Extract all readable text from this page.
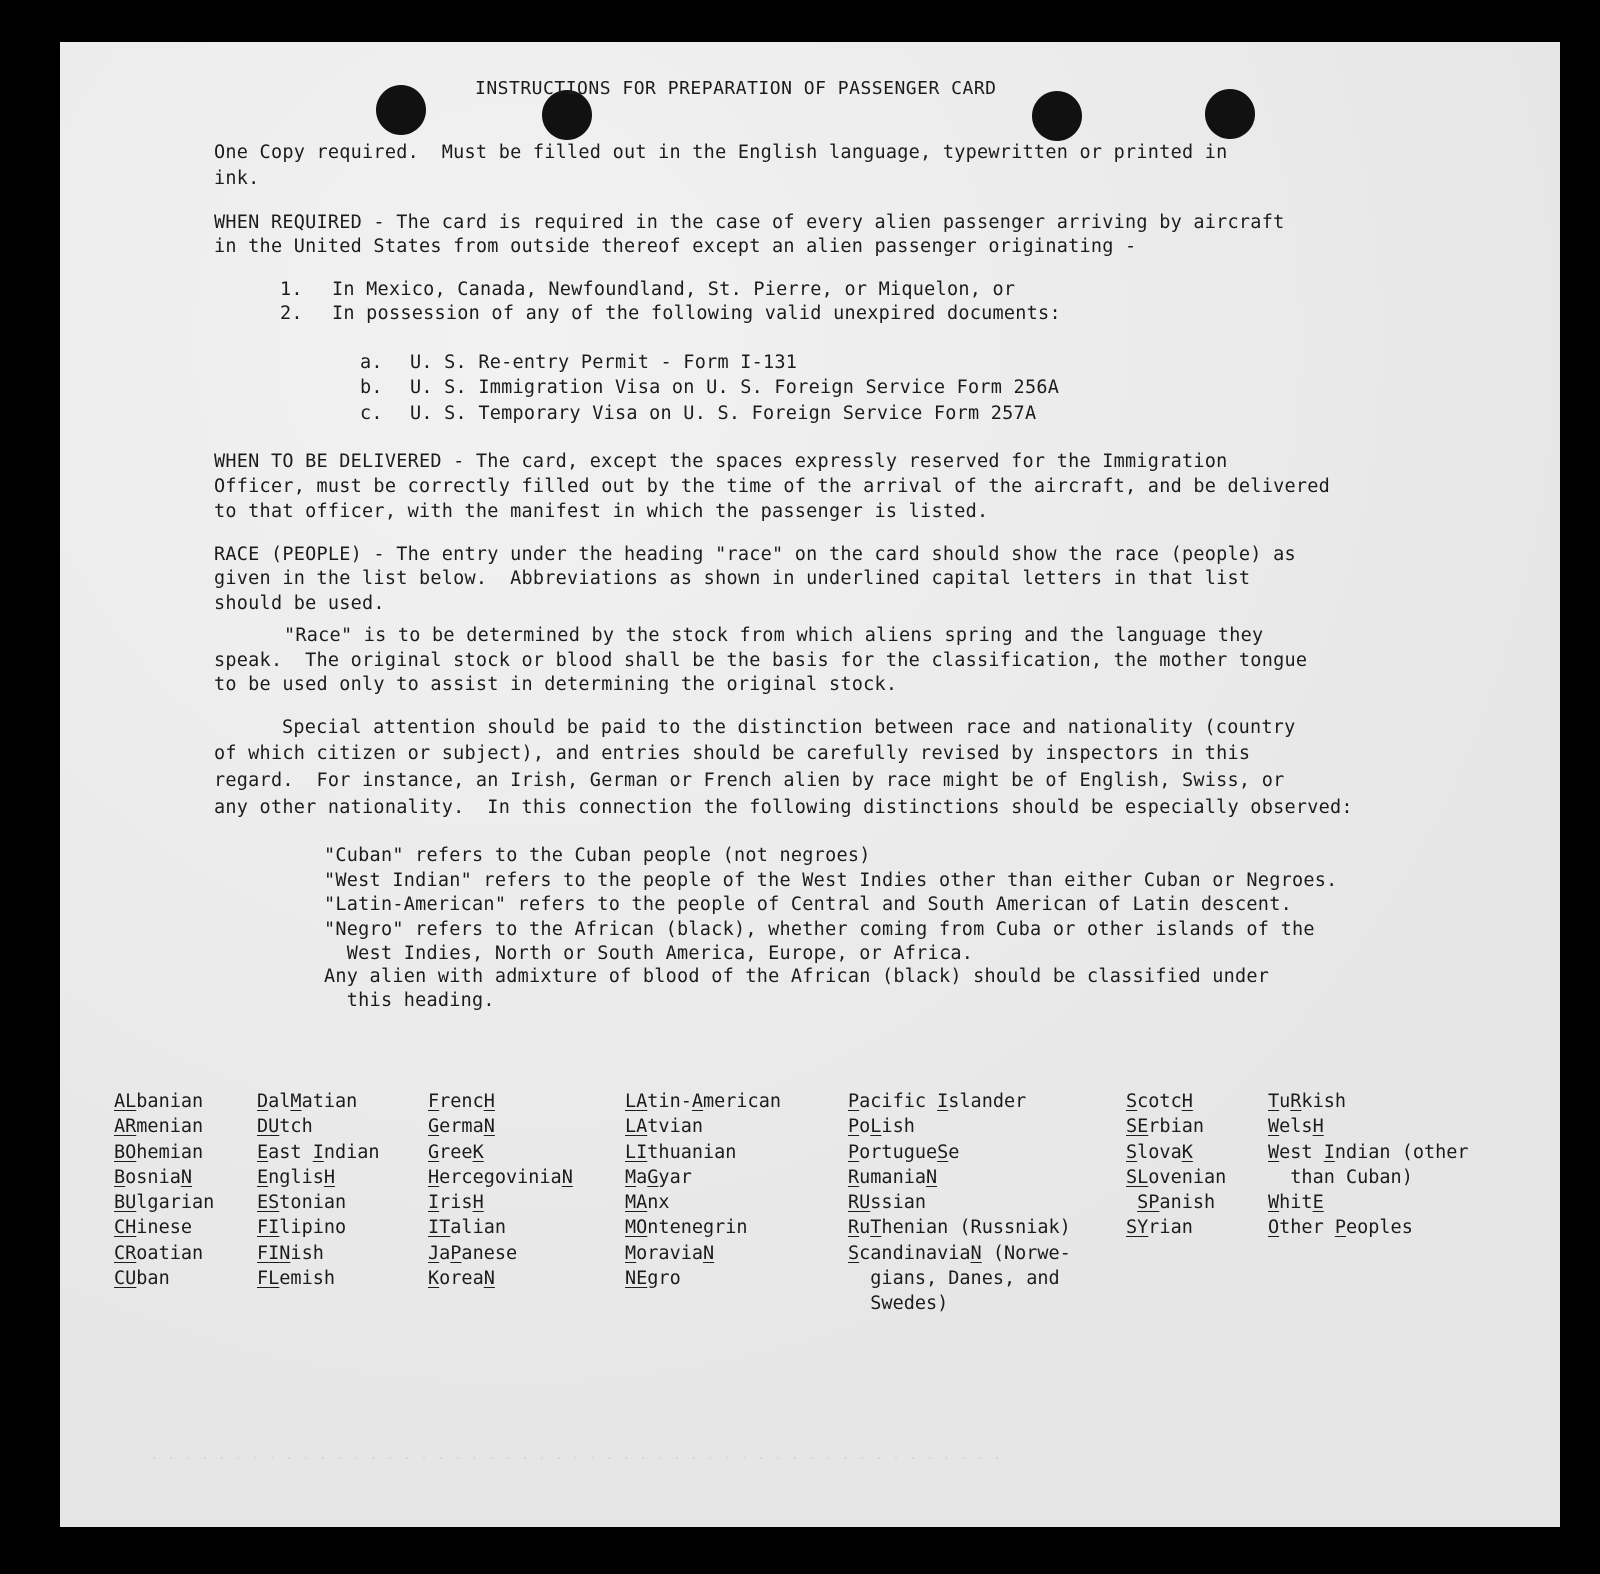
. . . . . . . . . . . . . . . . . . . . . . . . . . . . . . . . . . . . . . . . . . . . . . . . . . .
INSTRUCTIONS FOR PREPARATION OF PASSENGER CARD
One Copy required.  Must be filled out in the English language, typewritten or printed in
ink.
WHEN REQUIRED - The card is required in the case of every alien passenger arriving by aircraft
in the United States from outside thereof except an alien passenger originating -
1. In Mexico, Canada, Newfoundland, St. Pierre, or Miquelon, or
2. In possession of any of the following valid unexpired documents:
a. U. S. Re-entry Permit - Form I-131
b. U. S. Immigration Visa on U. S. Foreign Service Form 256A
c. U. S. Temporary Visa on U. S. Foreign Service Form 257A
WHEN TO BE DELIVERED - The card, except the spaces expressly reserved for the Immigration
Officer, must be correctly filled out by the time of the arrival of the aircraft, and be delivered
to that officer, with the manifest in which the passenger is listed.
RACE (PEOPLE) - The entry under the heading "race" on the card should show the race (people) as
given in the list below.  Abbreviations as shown in underlined capital letters in that list
should be used.
"Race" is to be determined by the stock from which aliens spring and the language they
speak.  The original stock or blood shall be the basis for the classification, the mother tongue
to be used only to assist in determining the original stock.
Special attention should be paid to the distinction between race and nationality (country
of which citizen or subject), and entries should be carefully revised by inspectors in this
regard.  For instance, an Irish, German or French alien by race might be of English, Swiss, or
any other nationality.  In this connection the following distinctions should be especially observed:
"Cuban" refers to the Cuban people (not negroes)
"West Indian" refers to the people of the West Indies other than either Cuban or Negroes.
"Latin-American" refers to the people of Central and South American of Latin descent.
"Negro" refers to the African (black), whether coming from Cuba or other islands of the
West Indies, North or South America, Europe, or Africa.
Any alien with admixture of blood of the African (black) should be classified under
this heading.
ALbanian
ARmenian
BOhemian
BosniaN
BUlgarian
CHinese
CRoatian
CUban
DalMatian
DUtch
East Indian
EnglisH
EStonian
FIlipino
FINish
FLemish
FrencH
GermaN
GreeK
HercegoviniaN
IrisH
ITalian
JaPanese
KoreaN
LAtin-American
LAtvian
LIthuanian
MaGyar
MAnx
MOntenegrin
MoraviaN
NEgro
Pacific Islander
PoLish
PortugueSe
RumaniaN
RUssian
RuThenian (Russniak)
ScandinaviaN (Norwe-
gians, Danes, and
Swedes)
ScotcH
SErbian
SlovaK
SLovenian
SPanish
SYrian
TuRkish
WelsH
West Indian (other
than Cuban)
WhitE
Other Peoples
